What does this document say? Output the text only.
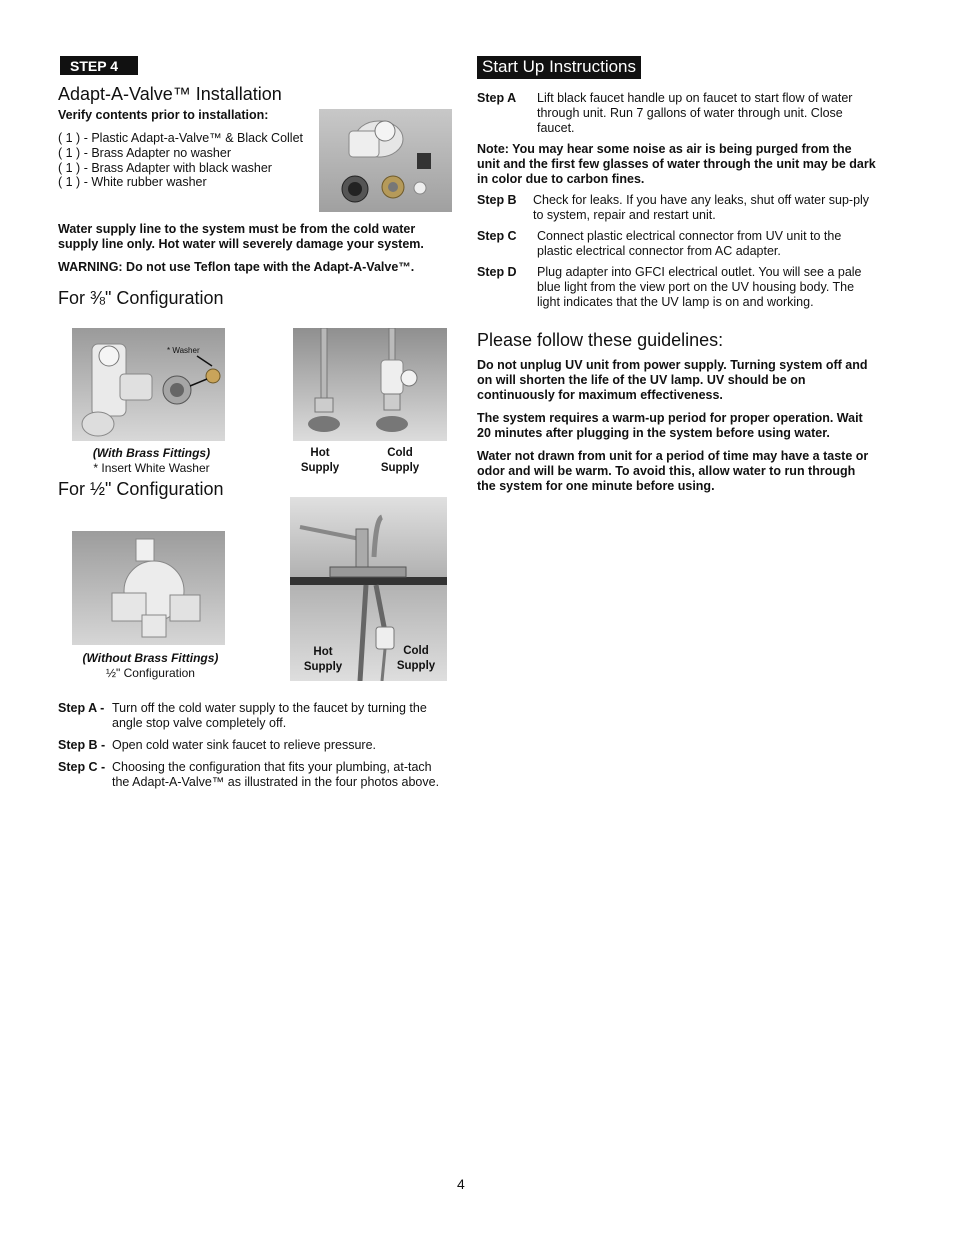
STEP 4
Adapt-A-Valve™ Installation
Verify contents prior to installation:
( 1 ) - Plastic Adapt-a-Valve™ & Black Collet
( 1 ) - Brass Adapter no washer
( 1 ) - Brass Adapter with black washer
( 1 ) - White rubber washer
Water supply line to the system must be from the cold water supply line only. Hot water will severely damage your system.
WARNING: Do not use Teflon tape with the Adapt-A-Valve™.
For ⅜" Configuration
* Washer
(With Brass Fittings)
* Insert White Washer
Hot
Supply
Cold
Supply
For ½" Configuration
(Without Brass Fittings)
½" Configuration
Hot
Supply
Cold
Supply
Step A - Turn off the cold water supply to the faucet by turning the angle stop valve completely off.
Step B - Open cold water sink faucet to relieve pressure.
Step C - Choosing the configuration that fits your plumbing, at-tach the Adapt-A-Valve™ as illustrated in the four photos above.
Start Up Instructions
Step A	Lift black faucet handle up on faucet to start flow of water through unit. Run 7 gallons of water through unit. Close faucet.
Note: You may hear some noise as air is being purged from the unit and the first few glasses of water through the unit may be dark in color due to carbon fines.
Step B	Check for leaks. If you have any leaks, shut off water sup-ply to system, repair and restart unit.
Step C	Connect plastic electrical connector from UV unit to the plastic electrical connector from AC adapter.
Step D	Plug adapter into GFCI electrical outlet. You will see a pale blue light from the view port on the UV housing body. The light indicates that the UV lamp is on and working.
Please follow these guidelines:
Do not unplug UV unit from power supply. Turning system off and on will shorten the life of the UV lamp. UV should be on continuously for maximum effectiveness.
The system requires a warm-up period for proper operation. Wait 20 minutes after plugging in the system before using water.
Water not drawn from unit for a period of time may have a taste or odor and will be warm. To avoid this, allow water to run through the system for one minute before using.
4
